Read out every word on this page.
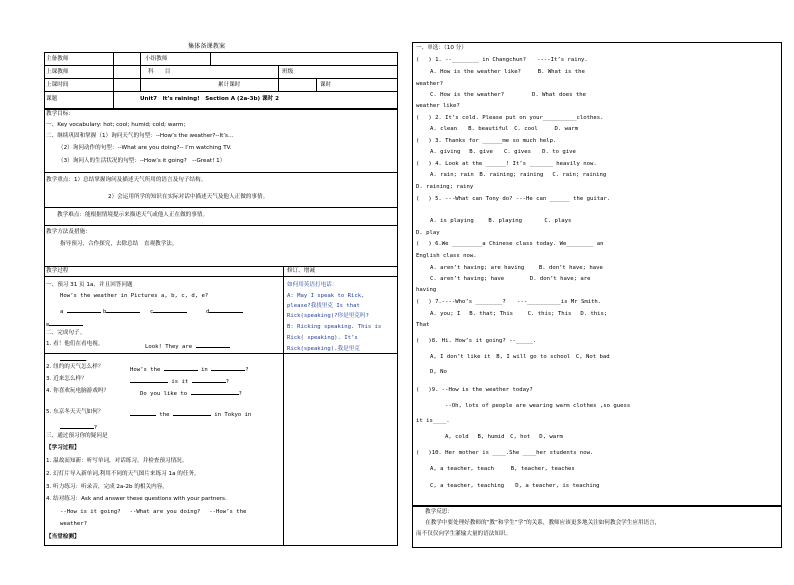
集体备课教案
主备教师	小组教师
上课教师	科　　目	班级
上课时间	累计课时	课时
课题	Unit7　It’s raining!　Section A (2a-3b) 课时 2
教学目标：
一、Key vocabulary: hot; cool; humid; cold; warm;
二、继续巩固和掌握（1）询问天气的句型：--How’s the weather?--It’s…
（2）询问动作的句型：--What are you doing?-- I’m watching TV.
（3）询问人的生活状况的句型：--How’s it going?　--Great! 1）
教学重点：1）总结掌握询问及描述天气所用的语言及句子结构。
2）会运用所学的知识在实际对话中描述天气及他人正做的事情。
教学难点：能根据情境提示来描述天气或他人正在做的事情。
教学方法及措施：
指导预习，合作探究，去除总结　直观教学法。
教学过程	修订、增减
一、预习 31 页 1a，并且回答问题
How’s the weather in Pictures a, b, c, d, e?
a	b	c	d
e
二、完成句子。
1. 看！他们在看电视。	Look! They are
.
2. 纽约的天气怎么样？	How’s the	in	?
3. 近来怎么样？	is it	?
4. 你喜欢玩电脑游戏吗？	Do you like to	?
5. 东京冬天天气如何？	the	in Tokyo in
?
三、通过预习你的疑问是
【学习过程】
1. 温故而知新：听写单词，对话练习，并检查预习情况。
2. 幻灯片导入新单词,利用不同的天气图片来练习 1a 的任务。
3. 听力练习：听录音，完成 2a-2b 的相关内容。
4. 结对练习：Ask and answer these questions with your partners.
--How is it going?　 --What are you doing?　 --How’s the
weather?
【当堂检测】
如何用英语打电话：
A: May I speak to Rick,
please?我找里克 Is that
Rick(speaking)?你是里克吗?
B: Ricking speaking. This is
Rick( speaking). It’s
Rick(speaking).我是里克
一、单选：（10 分）
(　 ) 1. --________ in Changchun?　　----It’s rainy.
A. How is the weather like?　　　B. What is the
weather?
C. How is the weather?　　　　　D. What does the
weather like?
(　 ) 2. It’s cold. Please put on your__________clothes.
A. clean　　B. beautiful　C. cool　　　D. warm
(　 ) 3. Thanks for ______me so much help.
A. giving　 B. give　　C. gives　　D. to give
(　 ) 4. Look at the ______! It’s _______ heavily now.
A. rain; rain　B. raining; raining　 C. rain; raining
D. raining; rainy
(　 ) 5. ---What can Tony do? ---He can ______ the guitar.
A. is playing　　 B. playing　　　　C. plays
D. play
(　 ) 6.We _________a Chinese class today. We________ an
English class now.
A. aren’t having; are having　　 B. don’t have; have
C. aren’t having; have　　　　 D. don’t have; are
having
(　 ) 7.----Who’s ________?　　---__________is Mr Smith.
A. you; I　 B. that; This　　 C. this; This　 D. this;
That
(　 )8. Hi. How’s it going? --_____.
A, I don’t like it　B, I will go to school　C, Not bad
D, No
(　 )9. --How is the weather today?
--Oh, lots of people are wearing warm clothes ,so guess
it is____.
A, cold　 B, humid　C, hot　 D, warm
(　 )10. Her mother is ____.She ____her students now.
A, a teacher, teach　　　B, teacher, teaches
C, a teacher, teaching　　D, a teacher, is teaching
教学反思：
在教学中要处理好教师的“教”和学生“学”的关系，教师应该更多地关注如何教会学生应用语言，
而不仅仅向学生灌输大量的语法知识。
